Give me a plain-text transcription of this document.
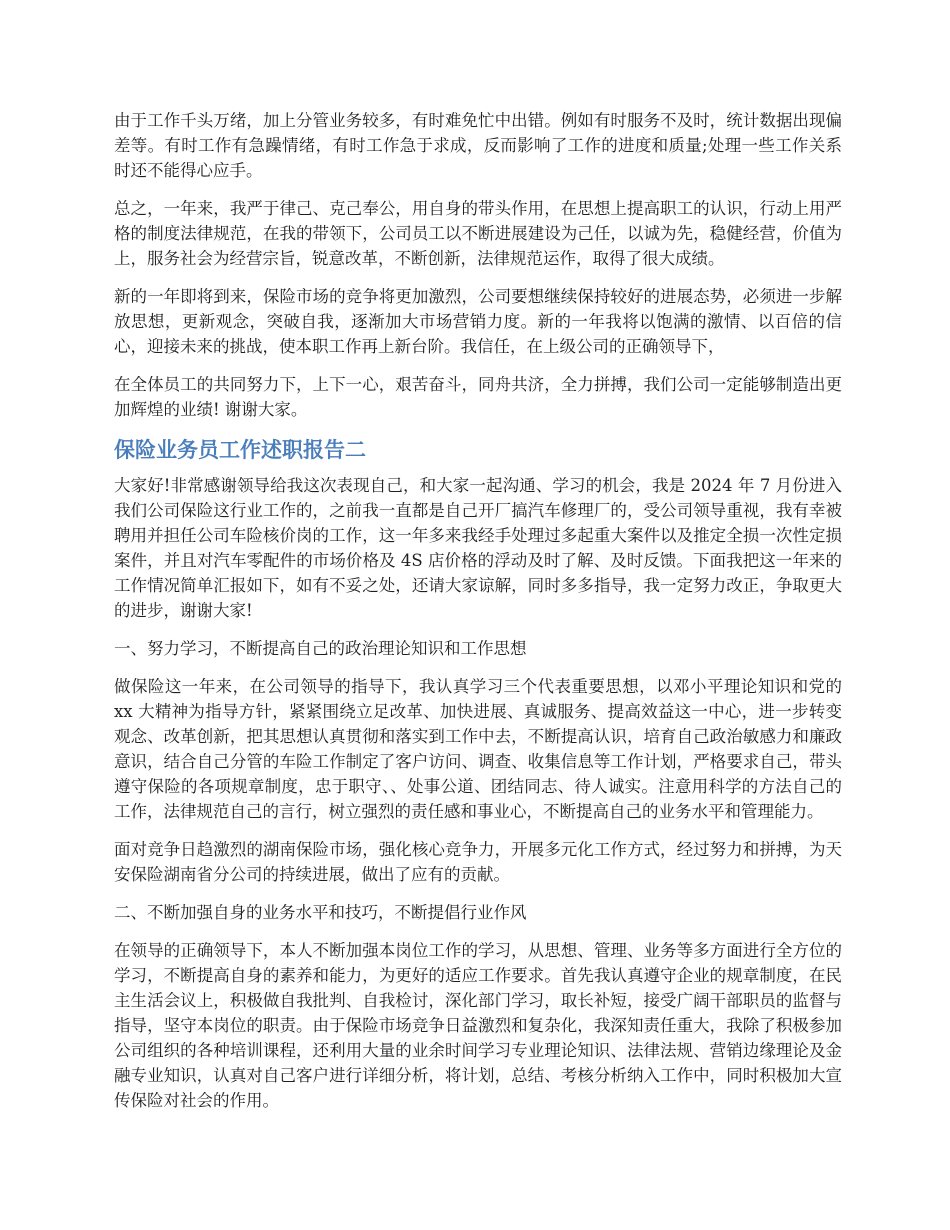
由于工作千头万绪，加上分管业务较多，有时难免忙中出错。例如有时服务不及时，统计数据出现偏差等。有时工作有急躁情绪，有时工作急于求成，反而影响了工作的进度和质量;处理一些工作关系时还不能得心应手。

总之，一年来，我严于律己、克己奉公，用自身的带头作用，在思想上提高职工的认识，行动上用严格的制度法律规范，在我的带领下，公司员工以不断进展建设为己任，以诚为先，稳健经营，价值为上，服务社会为经营宗旨，锐意改革，不断创新，法律规范运作，取得了很大成绩。

新的一年即将到来，保险市场的竞争将更加激烈，公司要想继续保持较好的进展态势，必须进一步解放思想，更新观念，突破自我，逐渐加大市场营销力度。新的一年我将以饱满的激情、以百倍的信心，迎接未来的挑战，使本职工作再上新台阶。我信任，在上级公司的正确领导下，

在全体员工的共同努力下，上下一心，艰苦奋斗，同舟共济，全力拼搏，我们公司一定能够制造出更加辉煌的业绩! 谢谢大家。

保险业务员工作述职报告二

大家好!非常感谢领导给我这次表现自己，和大家一起沟通、学习的机会，我是 2024 年 7 月份进入我们公司保险这行业工作的，之前我一直都是自己开厂搞汽车修理厂的，受公司领导重视，我有幸被聘用并担任公司车险核价岗的工作，这一年多来我经手处理过多起重大案件以及推定全损一次性定损案件，并且对汽车零配件的市场价格及 4S 店价格的浮动及时了解、及时反馈。下面我把这一年来的工作情况简单汇报如下，如有不妥之处，还请大家谅解，同时多多指导，我一定努力改正，争取更大的进步，谢谢大家!

一、努力学习，不断提高自己的政治理论知识和工作思想

做保险这一年来，在公司领导的指导下，我认真学习三个代表重要思想，以邓小平理论知识和党的 xx 大精神为指导方针，紧紧围绕立足改革、加快进展、真诚服务、提高效益这一中心，进一步转变观念、改革创新，把其思想认真贯彻和落实到工作中去，不断提高认识，培育自己政治敏感力和廉政意识，结合自己分管的车险工作制定了客户访问、调查、收集信息等工作计划，严格要求自己，带头遵守保险的各项规章制度，忠于职守、、处事公道、团结同志、待人诚实。注意用科学的方法自己的工作，法律规范自己的言行，树立强烈的责任感和事业心，不断提高自己的业务水平和管理能力。

面对竞争日趋激烈的湖南保险市场，强化核心竞争力，开展多元化工作方式，经过努力和拼搏，为天安保险湖南省分公司的持续进展，做出了应有的贡献。

二、不断加强自身的业务水平和技巧，不断提倡行业作风

在领导的正确领导下，本人不断加强本岗位工作的学习，从思想、管理、业务等多方面进行全方位的学习，不断提高自身的素养和能力，为更好的适应工作要求。首先我认真遵守企业的规章制度，在民主生活会议上，积极做自我批判、自我检讨，深化部门学习，取长补短，接受广阔干部职员的监督与指导，坚守本岗位的职责。由于保险市场竞争日益激烈和复杂化，我深知责任重大，我除了积极参加公司组织的各种培训课程，还利用大量的业余时间学习专业理论知识、法律法规、营销边缘理论及金融专业知识，认真对自己客户进行详细分析，将计划，总结、考核分析纳入工作中，同时积极加大宣传保险对社会的作用。
